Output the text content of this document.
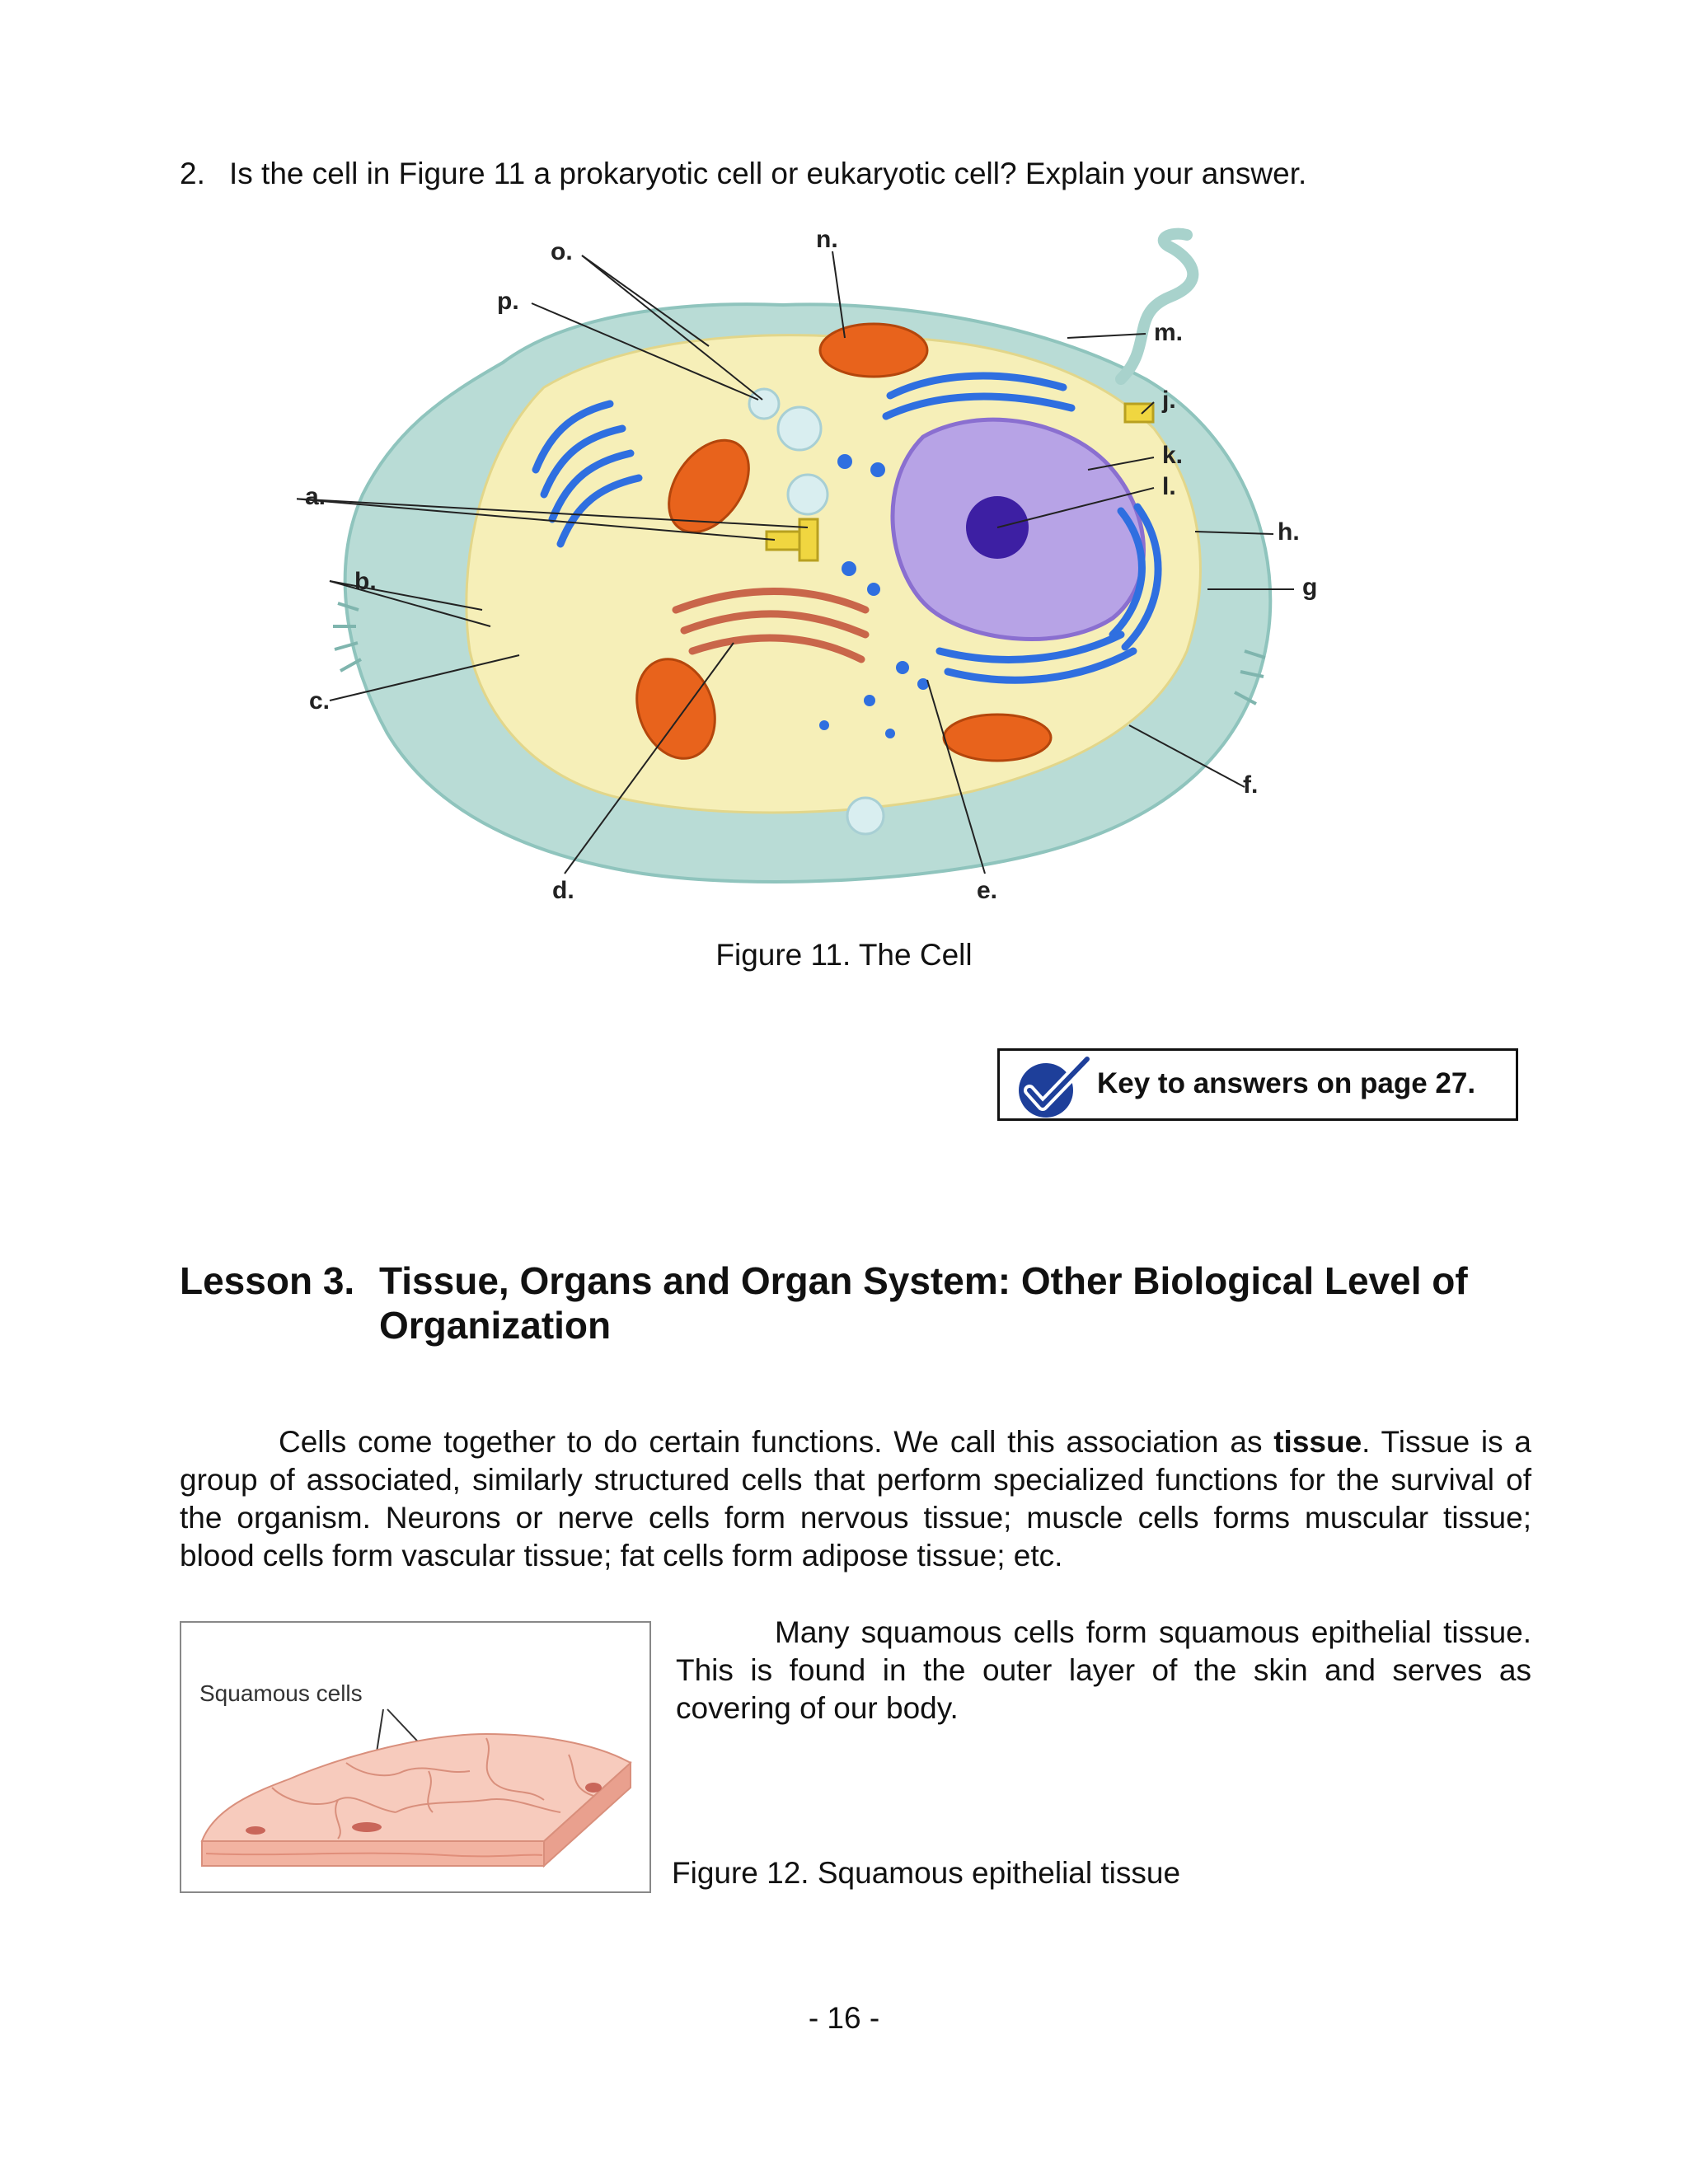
2. Is the cell in Figure 11 a prokaryotic cell or eukaryotic cell? Explain your answer.
o.	n.
p.
m.
j.
k.
l.
a.
h.
b.	g
c.
f.
d.	e.
Figure 11. The Cell
Key to answers on page 27.
Lesson 3. Tissue, Organs and Organ System: Other Biological Level of
Organization
Cells come together to do certain functions. We call this association as tissue. Tissue is a group of associated, similarly structured cells that perform specialized functions for the survival of the organism. Neurons or nerve cells form nervous tissue; muscle cells forms muscular tissue; blood cells form vascular tissue; fat cells form adipose tissue; etc.
Squamous cells
Many squamous cells form squamous epithelial tissue. This is found in the outer layer of the skin and serves as covering of our body.
Figure 12. Squamous epithelial tissue
- 16 -
